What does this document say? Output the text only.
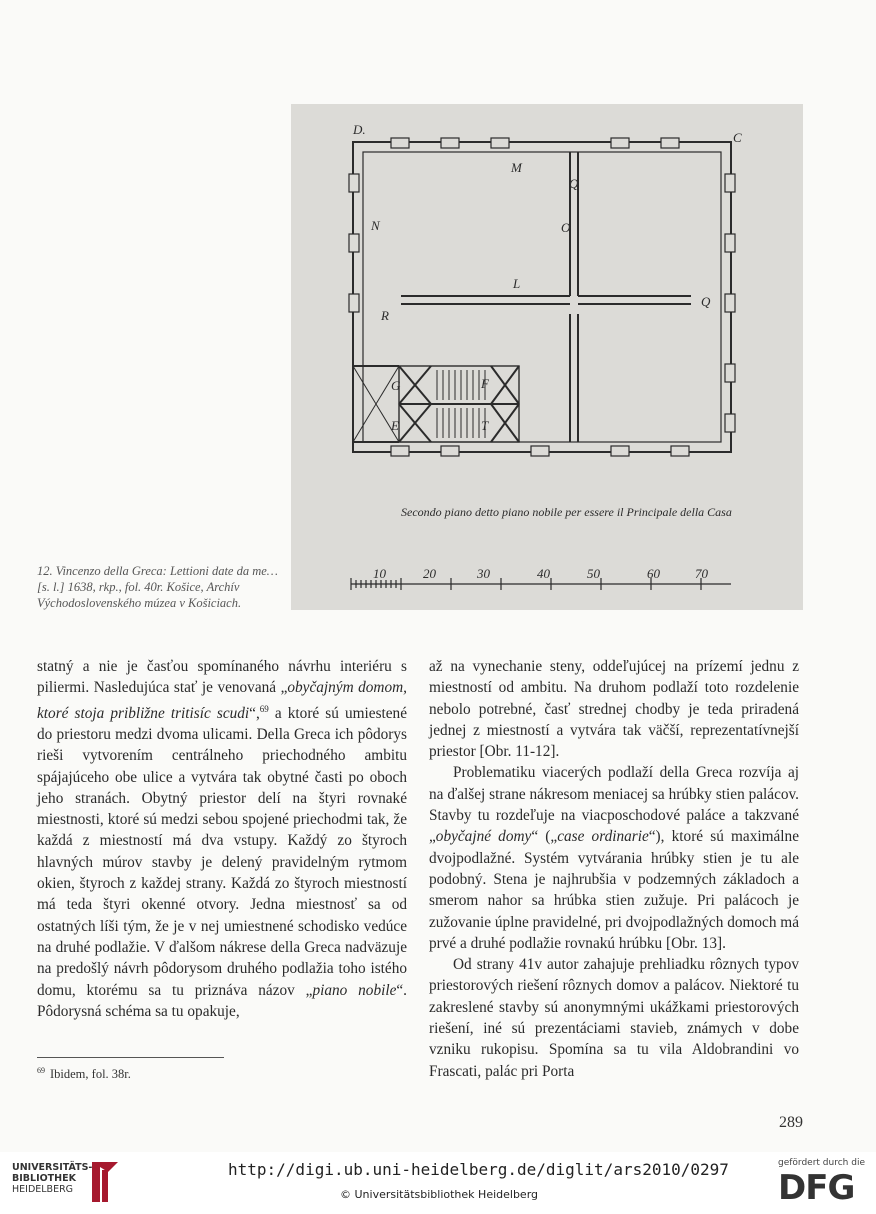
D.
C
M
Q
O
L
N
R
Q
G	F
E	T
Secondo piano detto piano nobile per essere il Principale della Casa
10	20	30	40	50	60	70
12. Vincenzo della Greca: Lettioni date da me… [s. l.] 1638, rkp., fol. 40r. Košice, Archív Východoslovenského múzea v Košiciach.

statný a nie je časťou spomínaného návrhu interiéru s piliermi. Nasledujúca stať je venovaná „obyčajným domom, ktoré stoja približne tritisíc scudi“,$^{69}$ a ktoré sú umiestené do priestoru medzi dvoma ulicami. Della Greca ich pôdorys rieši vytvorením centrálneho priechodného ambitu spájajúceho obe ulice a vytvára tak obytné časti po oboch jeho stranách. Obytný priestor delí na štyri rovnaké miestnosti, ktoré sú medzi sebou spojené priechodmi tak, že každá z miestností má dva vstupy. Každý zo štyroch hlavných múrov stavby je delený pravidelným rytmom okien, štyroch z každej strany. Každá zo štyroch miestností má teda štyri okenné otvory. Jedna miestnosť sa od ostatných líši tým, že je v nej umiestnené schodisko vedúce na druhé podlažie. V ďalšom nákrese della Greca nadväzuje na predošlý návrh pôdorysom druhého podlažia toho istého domu, ktorému sa tu priznáva názov „piano nobile“. Pôdorysná schéma sa tu opakuje,

až na vynechanie steny, oddeľujúcej na prízemí jednu z miestností od ambitu. Na druhom podlaží toto rozdelenie nebolo potrebné, časť strednej chodby je teda priradená jednej z miestností a vytvára tak väčší, reprezentatívnejší priestor [Obr. 11-12].

Problematiku viacerých podlaží della Greca rozvíja aj na ďalšej strane nákresom meniacej sa hrúbky stien palácov. Stavby tu rozdeľuje na viacposchodové paláce a takzvané „obyčajné domy“ („case ordinarie“), ktoré sú maximálne dvojpodlažné. Systém vytvárania hrúbky stien je tu ale podobný. Stena je najhrubšia v podzemných základoch a smerom nahor sa hrúbka stien zužuje. Pri palácoch je zužovanie úplne pravidelné, pri dvojpodlažných domoch má prvé a druhé podlažie rovnakú hrúbku [Obr. 13].

Od strany 41v autor zahajuje prehliadku rôznych typov priestorových riešení rôznych domov a palácov. Niektoré tu zakreslené stavby sú anonymnými ukážkami priestorových riešení, iné sú prezentáciami stavieb, známych v dobe vzniku rukopisu. Spomína sa tu vila Aldobrandini vo Frascati, palác pri Porta

$^{69}$ Ibidem, fol. 38r.
289
UNIVERSITÄTS-
BIBLIOTHEK
HEIDELBERG
http://digi.ub.uni-heidelberg.de/diglit/ars2010/0297
© Universitätsbibliothek Heidelberg
gefördert durch die
DFG
